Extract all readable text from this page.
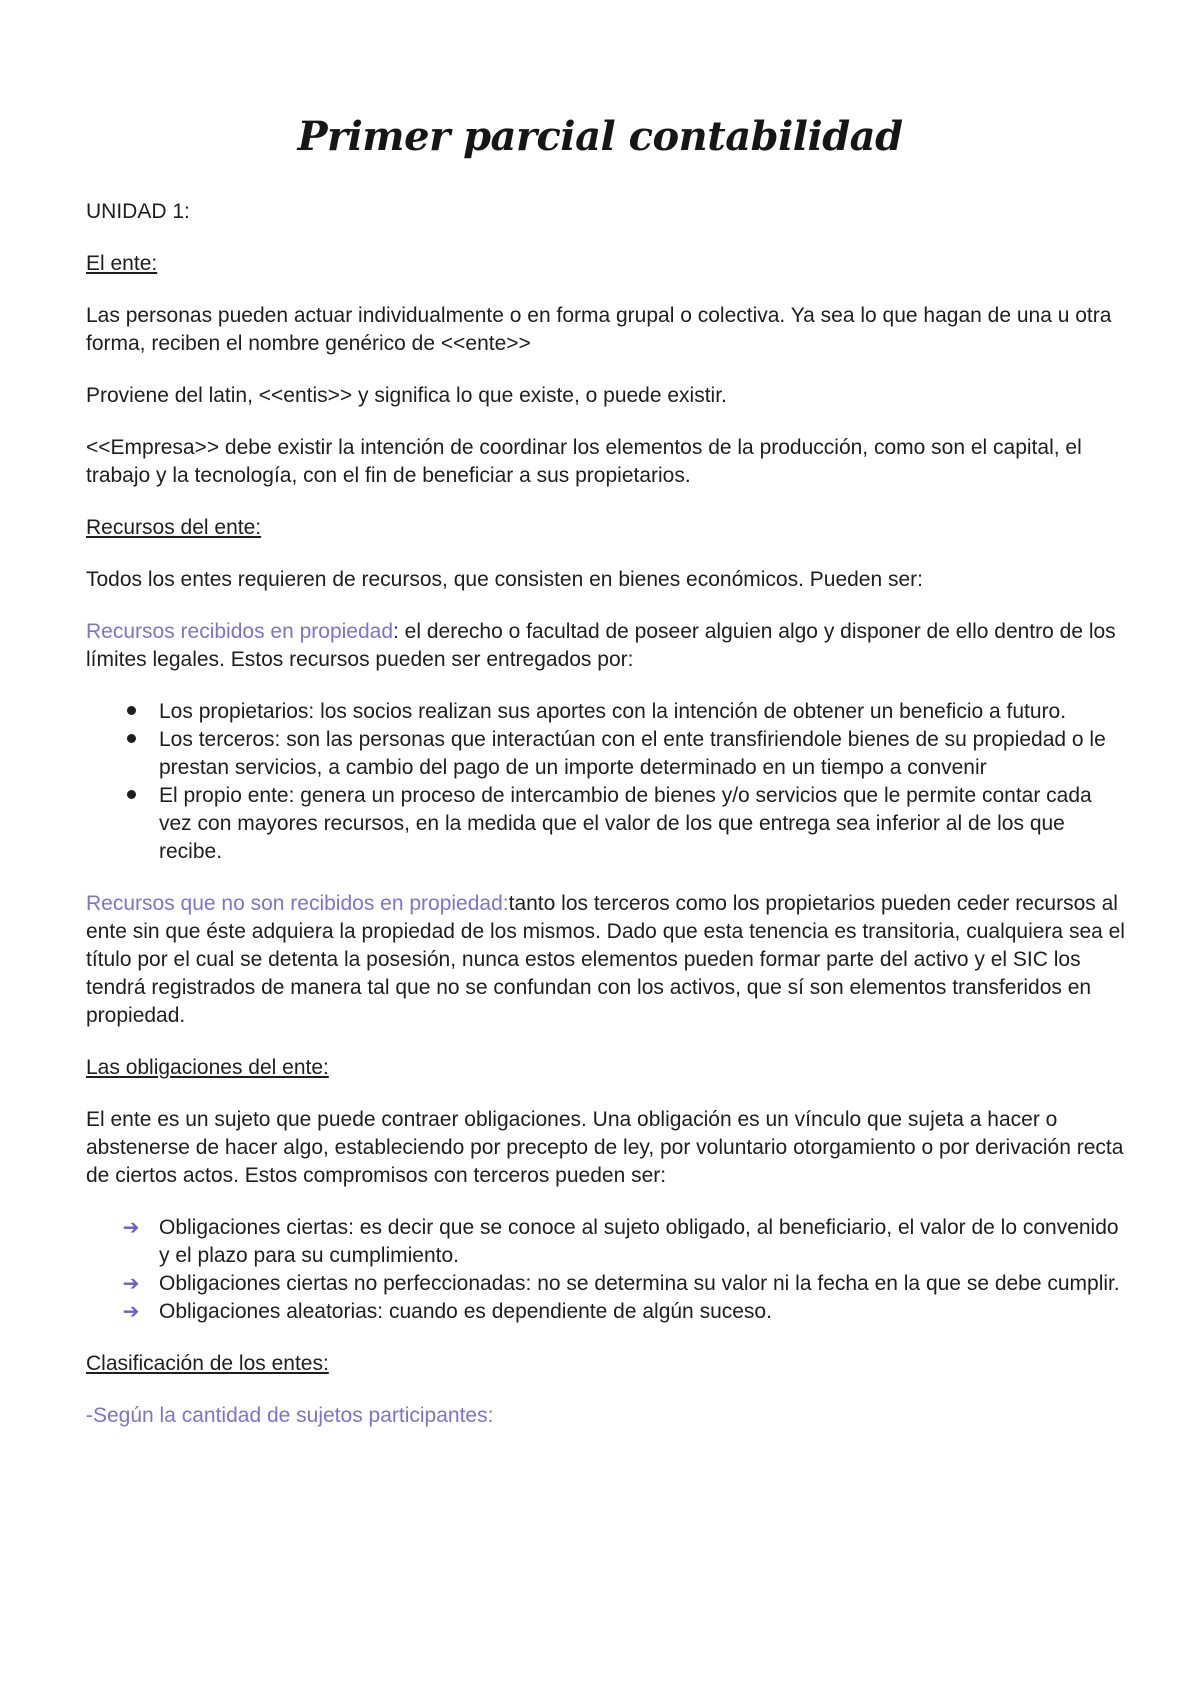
Primer parcial contabilidad

UNIDAD 1:

El ente:

Las personas pueden actuar individualmente o en forma grupal o colectiva. Ya sea lo que hagan de una u otra forma, reciben el nombre genérico de <<ente>>

Proviene del latin, <<entis>> y significa lo que existe, o puede existir.

<<Empresa>> debe existir la intención de coordinar los elementos de la producción, como son el capital, el trabajo y la tecnología, con el fin de beneficiar a sus propietarios.

Recursos del ente:

Todos los entes requieren de recursos, que consisten en bienes económicos. Pueden ser:

Recursos recibidos en propiedad: el derecho o facultad de poseer alguien algo y disponer de ello dentro de los límites legales. Estos recursos pueden ser entregados por:

Los propietarios: los socios realizan sus aportes con la intención de obtener un beneficio a futuro.
Los terceros: son las personas que interactúan con el ente transfiriendole bienes de su propiedad o le prestan servicios, a cambio del pago de un importe determinado en un tiempo a convenir
El propio ente: genera un proceso de intercambio de bienes y/o servicios que le permite contar cada vez con mayores recursos, en la medida que el valor de los que entrega sea inferior al de los que recibe.

Recursos que no son recibidos en propiedad:tanto los terceros como los propietarios pueden ceder recursos al ente sin que éste adquiera la propiedad de los mismos. Dado que esta tenencia es transitoria, cualquiera sea el título por el cual se detenta la posesión, nunca estos elementos pueden formar parte del activo y el SIC los tendrá registrados de manera tal que no se confundan con los activos, que sí son elementos transferidos en propiedad.

Las obligaciones del ente:

El ente es un sujeto que puede contraer obligaciones. Una obligación es un vínculo que sujeta a hacer o abstenerse de hacer algo, estableciendo por precepto de ley, por voluntario otorgamiento o por derivación recta de ciertos actos. Estos compromisos con terceros pueden ser:

➔ Obligaciones ciertas: es decir que se conoce al sujeto obligado, al beneficiario, el valor de lo convenido y el plazo para su cumplimiento.
➔ Obligaciones ciertas no perfeccionadas: no se determina su valor ni la fecha en la que se debe cumplir.
➔ Obligaciones aleatorias: cuando es dependiente de algún suceso.

Clasificación de los entes:

-Según la cantidad de sujetos participantes:
